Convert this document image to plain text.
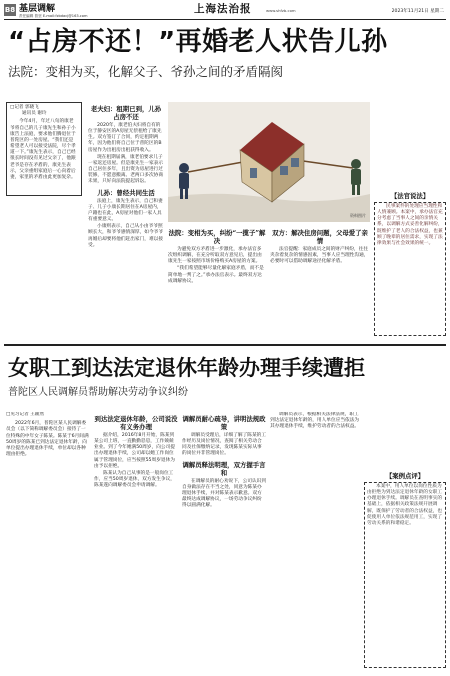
B8 基层调解
责任编辑 曾坚 E-mail:fzbdacj@163.com
上海法治报	www.shfzb.com	2023年11月21日 星期二
“占房不还！”再婚老人状告儿孙
法院：变相为买，化解父子、爷孙之间的矛盾隔阂
□记者 郭晓飞
通讯员 谢玲

今年4月，年过八旬的康老爷将自己的儿子康先生和孙子小康告上法庭，要求他们腾退位于普陀区的一处房屋。“我们还是希望老人可以接受法院，尽个孝道一下。”康先生表示，自己已经很长时间没有见过父亲了，他跟老爷是存在矛盾的，康先生表示，父亲重组家庭后一心向着后妻，家里的矛盾由此更加复杂。

老夫妇：租期已到，儿孙占房不还

2020年，康老伯夫妇将自有的位于静安区的A房屋无偿租给了康先生。双方签订了合同，约定租期两年，因为他们将自己位于普陀区的B房屋作为出租房出租获得收入。

现在租期届满，康老伯要求儿子一家返还房屋。但是康先生一家表示自己居住多年，且出资为房屋进行过装修，不愿意搬离。老两口多次协商未果，只好向法院提起诉讼。

儿孙：曾经共同生活

法庭上，康先生表示，自己和妻子、儿子小康长期居住在A房屋内，户籍也在此，A房屋对他们一家人具有重要意义。

小康则表示，自己从小由爷爷照顾长大，和爷爷感情深厚，如今爷爷再婚后却要将他们赶出家门，难以接受。

资料图片
法院：变相为买，纠纷“一揽子”解决

为避免双方矛盾进一步激化，承办法官多次组织调解，在充分听取双方意见后，提出由康先生一家按照市场价格购买A房屋的方案。

“我们希望能够尽量化解家庭矛盾，而不是简单地一判了之。”承办法官表示。最终双方达成调解协议。

双方：解决住房问题，父母爱了亲情

法官提醒：家庭成员之间的财产纠纷，往往夹杂着复杂的情感因素，当事人应当理性沟通，必要时可以借助调解途径化解矛盾。

【法官说法】

民事案件的处理应当理性和人情兼顾。本案中，承办法官充分考虑了当事人之间的亲情关系，以调解方式妥善化解纠纷，既维护了老人的合法权益，也兼顾了晚辈的居住需求，实现了法律效果与社会效果的统一。

女职工到达法定退休年龄办理手续遭拒
普陀区人民调解员帮助解决劳动争议纠纷
□见习记者 王颖然

2022年6月，普陀区某人民调解委员会（以下简称调解委员会）接待了一位特殊的中年女子陈某。陈某于6月间满50周岁的陈某已到达法定退休年龄，向单位提出办理退休手续，单位却以各种理由拒绝。

到达法定退休年龄，公司说没有义务办理

据介绍，2016年8月开始，陈某到某公司上班，一直勤勤恳恳，工作兢兢业业。到了今年她满50周岁，向公司提出办理退休手续，公司却以她工作岗位属于管理岗位，应当按照55周岁退休为由予以拒绝。

陈某认为自己从事的是一般岗位工作，应当50周岁退休，双方发生争议，陈某遂向调解委员会申请调解。

调解员耐心疏导，讲明法规政策

调解员受理后，详细了解了陈某的工作经历及岗位情况，查阅了相关劳动合同及社保缴纳记录，发现陈某实际从事的岗位并非管理岗位。

调解员释法明理，双方握手言和

在调解员的耐心劝说下，公司认识到自身做法存在不当之处，同意为陈某办理退休手续，并对陈某表示歉意。双方最终达成调解协议，一场劳动争议纠纷得以圆满化解。

调解员表示，根据相关法律法规，职工到达法定退休年龄的，用人单位应当依法为其办理退休手续，维护劳动者的合法权益。

【案例点评】

本案中，用人单位以岗位性质为由拒绝为到达法定退休年龄的女职工办理退休手续。调解员在查明事实的基础上，依据相关政策法规开展调解，既保护了劳动者的合法权益，也促使用人单位依法规范用工，实现了劳动关系的和谐稳定。
